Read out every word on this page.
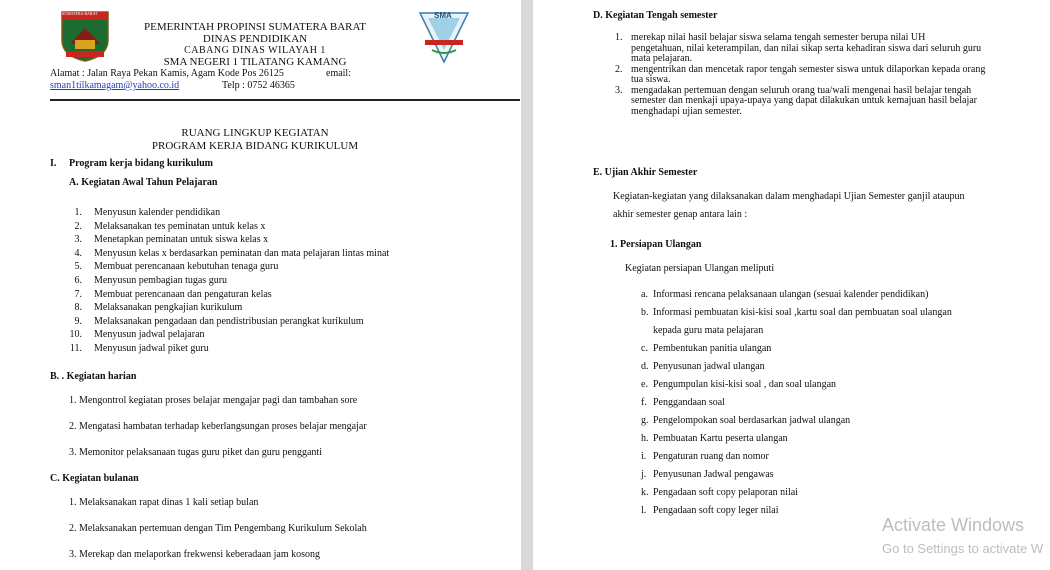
SUMATERA BARAT
PEMERINTAH PROPINSI SUMATERA BARAT
DINAS PENDIDIKAN
CABANG DINAS WILAYAH 1
SMA NEGERI 1 TILATANG KAMANG
SMA
Alamat : Jalan Raya Pekan Kamis, Agam Kode Pos 26125	email:
sman1tilkamagam@yahoo.co.id	Telp : 0752 46365
RUANG LINGKUP KEGIATAN
PROGRAM KERJA BIDANG KURIKULUM
I. Program kerja bidang kurikulum
A. Kegiatan Awal Tahun Pelajaran
1. Menyusun kalender pendidikan
2. Melaksanakan tes peminatan untuk kelas x
3. Menetapkan peminatan untuk siswa kelas x
4. Menyusun kelas x berdasarkan peminatan dan mata pelajaran lintas minat
5. Membuat perencanaan kebutuhan tenaga guru
6. Menyusun pembagian tugas guru
7. Membuat perencanaan dan pengaturan kelas
8. Melaksanakan pengkajian kurikulum
9. Melaksanakan pengadaan dan pendistribusian perangkat kurikulum
10. Menyusun jadwal pelajaran
11. Menyusun jadwal piket guru
B. . Kegiatan harian
1. Mengontrol kegiatan proses belajar mengajar pagi dan tambahan sore
2. Mengatasi hambatan terhadap keberlangsungan proses belajar mengajar
3. Memonitor pelaksanaan tugas guru piket dan guru pengganti
C. Kegiatan bulanan
1. Melaksanakan rapat dinas 1 kali setiap bulan
2. Melaksanakan pertemuan dengan Tim Pengembang Kurikulum Sekolah
3. Merekap dan melaporkan frekwensi keberadaan jam kosong
D. Kegiatan Tengah semester
1. merekap nilai hasil belajar siswa selama tengah semester berupa nilai UH
pengetahuan, nilai keterampilan, dan nilai sikap serta kehadiran siswa dari seluruh guru
mata pelajaran.
2. mengentrikan dan mencetak rapor tengah semester siswa untuk dilaporkan kepada orang
tua siswa.
3. mengadakan pertemuan dengan seluruh orang tua/wali mengenai hasil belajar tengah
semester dan menkaji upaya-upaya yang dapat dilakukan untuk kemajuan hasil belajar
menghadapi ujian semester.
E. Ujian Akhir Semester
Kegiatan-kegiatan yang dilaksanakan dalam menghadapi Ujian Semester ganjil ataupun
akhir semester genap antara lain :
1. Persiapan Ulangan
Kegiatan persiapan Ulangan meliputi
a. Informasi rencana pelaksanaan ulangan (sesuai kalender pendidikan)
b. Informasi pembuatan kisi-kisi soal ,kartu soal dan pembuatan soal ulangan
kepada guru mata pelajaran
c. Pembentukan panitia ulangan
d. Penyusunan jadwal ulangan
e. Pengumpulan kisi-kisi soal , dan soal ulangan
f. Penggandaan soal
g. Pengelompokan soal berdasarkan jadwal ulangan
h. Pembuatan Kartu peserta ulangan
i. Pengaturan ruang dan nomor
j. Penyusunan Jadwal pengawas
k. Pengadaan soft copy pelaporan nilai
l. Pengadaan soft copy leger nilai
Activate Windows
Go to Settings to activate W
